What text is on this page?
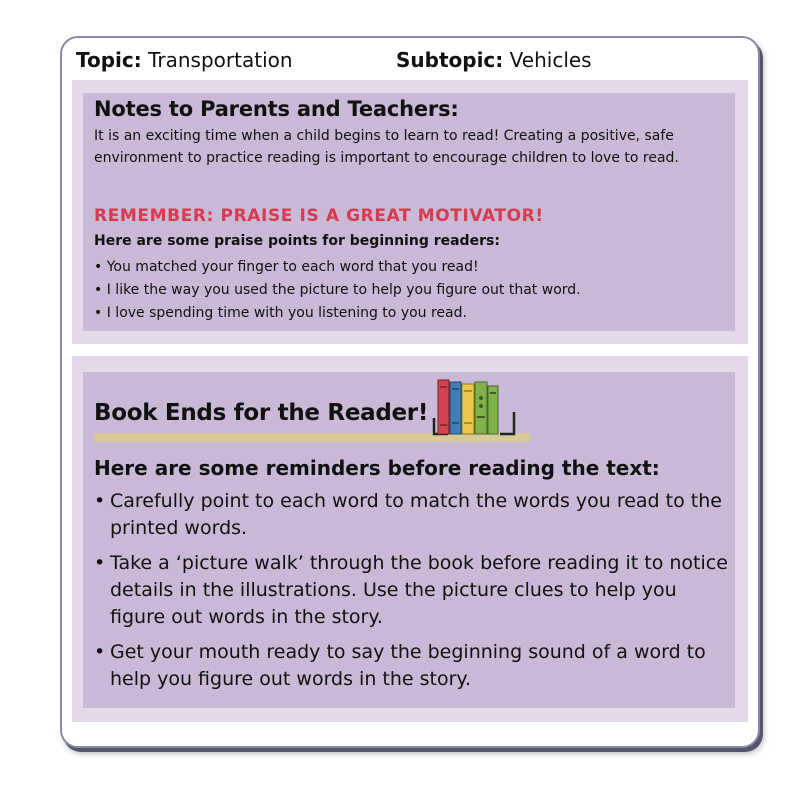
Topic: Transportation	Subtopic: Vehicles
Notes to Parents and Teachers:
It is an exciting time when a child begins to learn to read! Creating a positive, safe environment to practice reading is important to encourage children to love to read.
REMEMBER: PRAISE IS A GREAT MOTIVATOR!
Here are some praise points for beginning readers:
• You matched your finger to each word that you read!
• I like the way you used the picture to help you figure out that word.
• I love spending time with you listening to you read.
Book Ends for the Reader!
Here are some reminders before reading the text:
• Carefully point to each word to match the words you read to the printed words.
• Take a ‘picture walk’ through the book before reading it to notice details in the illustrations. Use the picture clues to help you figure out words in the story.
• Get your mouth ready to say the beginning sound of a word to help you figure out words in the story.
